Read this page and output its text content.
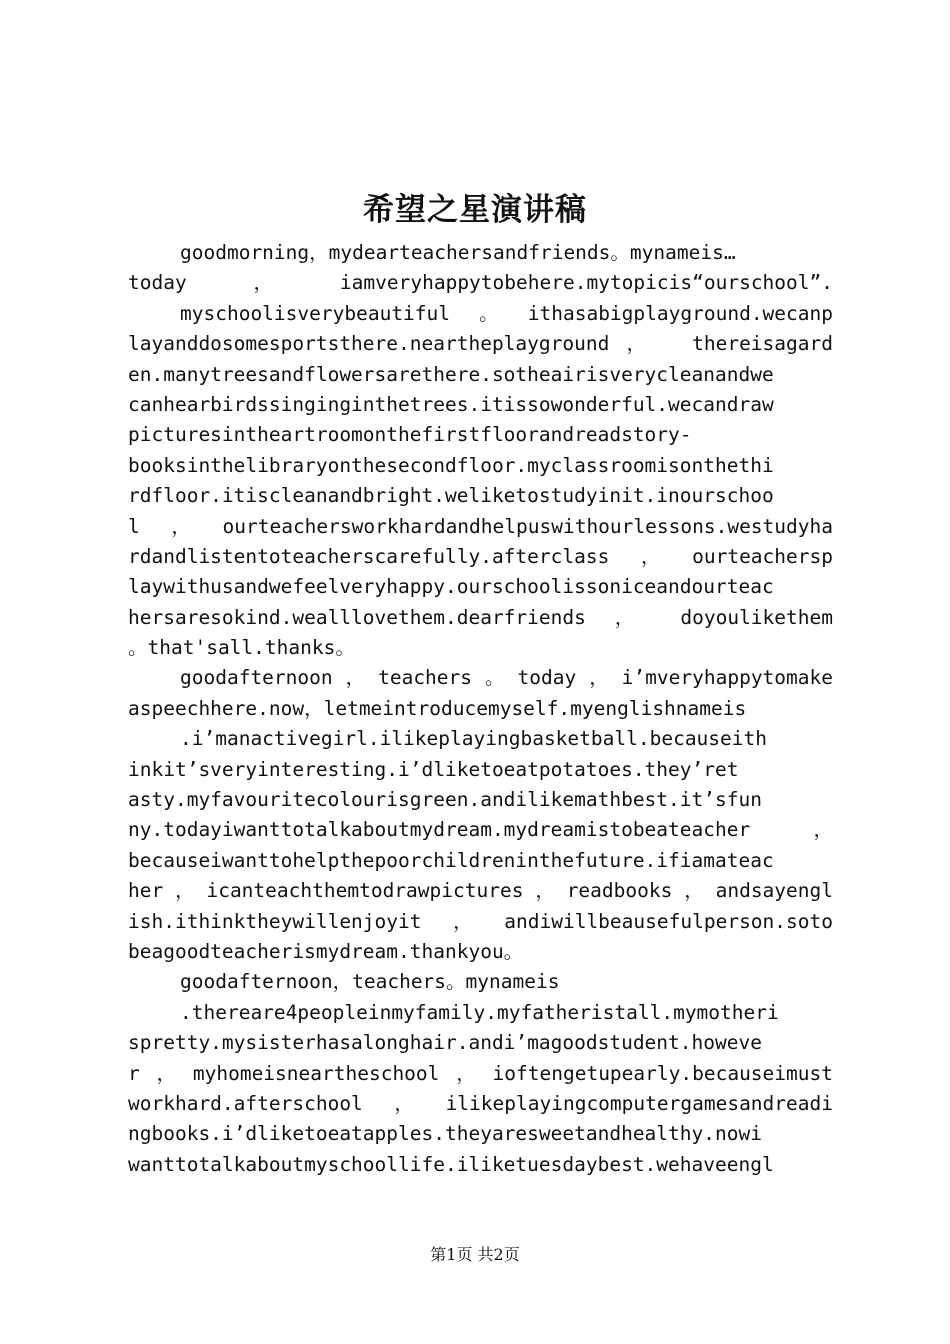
希望之星演讲稿
goodmorning，mydearteachersandfriends。mynameis…
today，iamveryhappytobehere.mytopicis“ourschool”.
myschoolisverybeautiful。ithasabigplayground.wecanp
layanddosomesportsthere.neartheplayground， thereisagard
en.manytreesandflowersarethere.sotheairisverycleanandwe
canhearbirdssinginginthetrees.itissowonderful.wecandraw
picturesintheartroomonthefirstfloorandreadstory-
booksinthelibraryonthesecondfloor.myclassroomisonthethi
rdfloor.itiscleanandbright.weliketostudyinit.inourschoo
l，ourteachersworkhardandhelpuswithourlessons.westudyha
rdandlistentoteacherscarefully.afterclass，ourteachersp
laywithusandwefeelveryhappy.ourschoolissoniceandourteac
hersaresokind.wealllovethem.dearfriends ， doyoulikethem
。that'sall.thanks。
goodafternoon，teachers。today，i’mveryhappytomake
aspeechhere.now，letmeintroducemyself.myenglishnameis
.i’manactivegirl.ilikeplayingbasketball.becauseith
inkit’sveryinteresting.i’dliketoeatpotatoes.they’ret
asty.myfavouritecolourisgreen.andilikemathbest.it’sfun
ny.todayiwanttotalkaboutmydream.mydreamistobeateacher，
becauseiwanttohelpthepoorchildreninthefuture.ifiamateac
her，icanteachthemtodrawpictures，readbooks，andsayengl
ish.ithinktheywillenjoyit，andiwillbeausefulperson.soto
beagoodteacherismydream.thankyou。
goodafternoon，teachers。mynameis
.thereare4peopleinmyfamily.myfatheristall.mymotheri
spretty.mysisterhasalonghair.andi’magoodstudent.howeve
r，myhomeisneartheschool，ioftengetupearly.becauseimust
workhard.afterschool，ilikeplayingcomputergamesandreadi
ngbooks.i’dliketoeatapples.theyaresweetandhealthy.nowi
wanttotalkaboutmyschoollife.iliketuesdaybest.wehaveengl
第1页 共2页
